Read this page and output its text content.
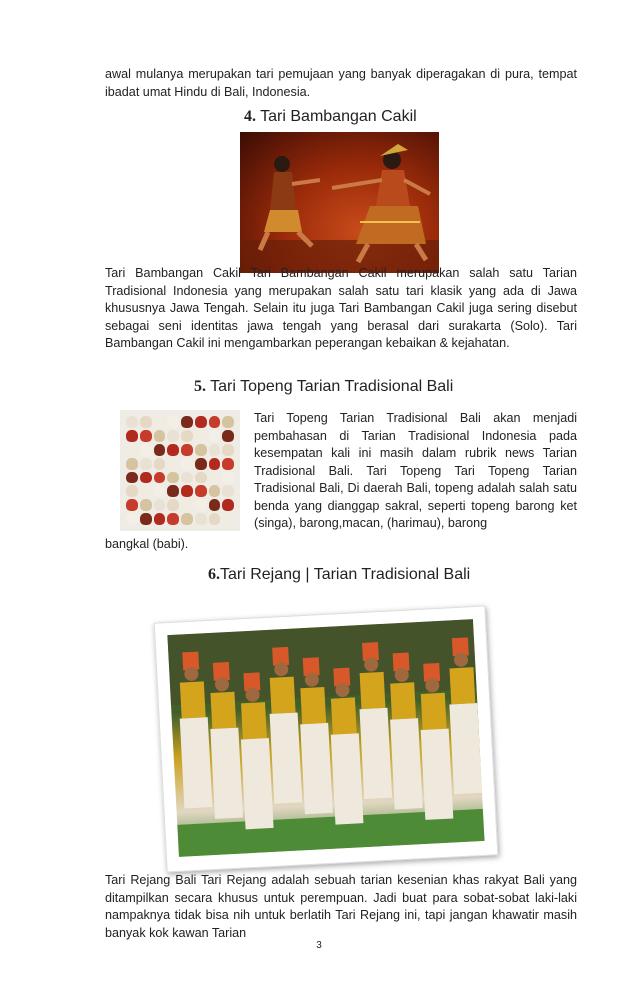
awal mulanya merupakan tari pemujaan yang banyak diperagakan di pura, tempat ibadat umat Hindu di Bali, Indonesia.

4. Tari Bambangan Cakil

Tari Bambangan Cakil Tari Bambangan Cakil merupakan salah satu Tarian Tradisional Indonesia yang merupakan salah satu tari klasik yang ada di Jawa khususnya Jawa Tengah. Selain itu juga Tari Bambangan Cakil juga sering disebut sebagai seni identitas jawa tengah yang berasal dari surakarta (Solo). Tari Bambangan Cakil ini mengambarkan peperangan kebaikan & kejahatan.

5. Tari Topeng Tarian Tradisional Bali

Tari Topeng Tarian Tradisional Bali akan menjadi pembahasan di Tarian Tradisional Indonesia pada kesempatan kali ini masih dalam rubrik news Tarian Tradisional Bali. Tari Topeng Tari Topeng Tarian Tradisional Bali, Di daerah Bali, topeng adalah salah satu benda yang dianggap sakral, seperti topeng barong ket (singa), barong,macan, (harimau), barong

bangkal (babi).

6.Tari Rejang | Tarian Tradisional Bali

Tari Rejang Bali Tari Rejang adalah sebuah tarian kesenian khas rakyat Bali yang ditampilkan secara khusus untuk perempuan. Jadi buat para sobat-sobat laki-laki nampaknya tidak bisa nih untuk berlatih Tari Rejang ini, tapi jangan khawatir masih banyak kok kawan Tarian

3
